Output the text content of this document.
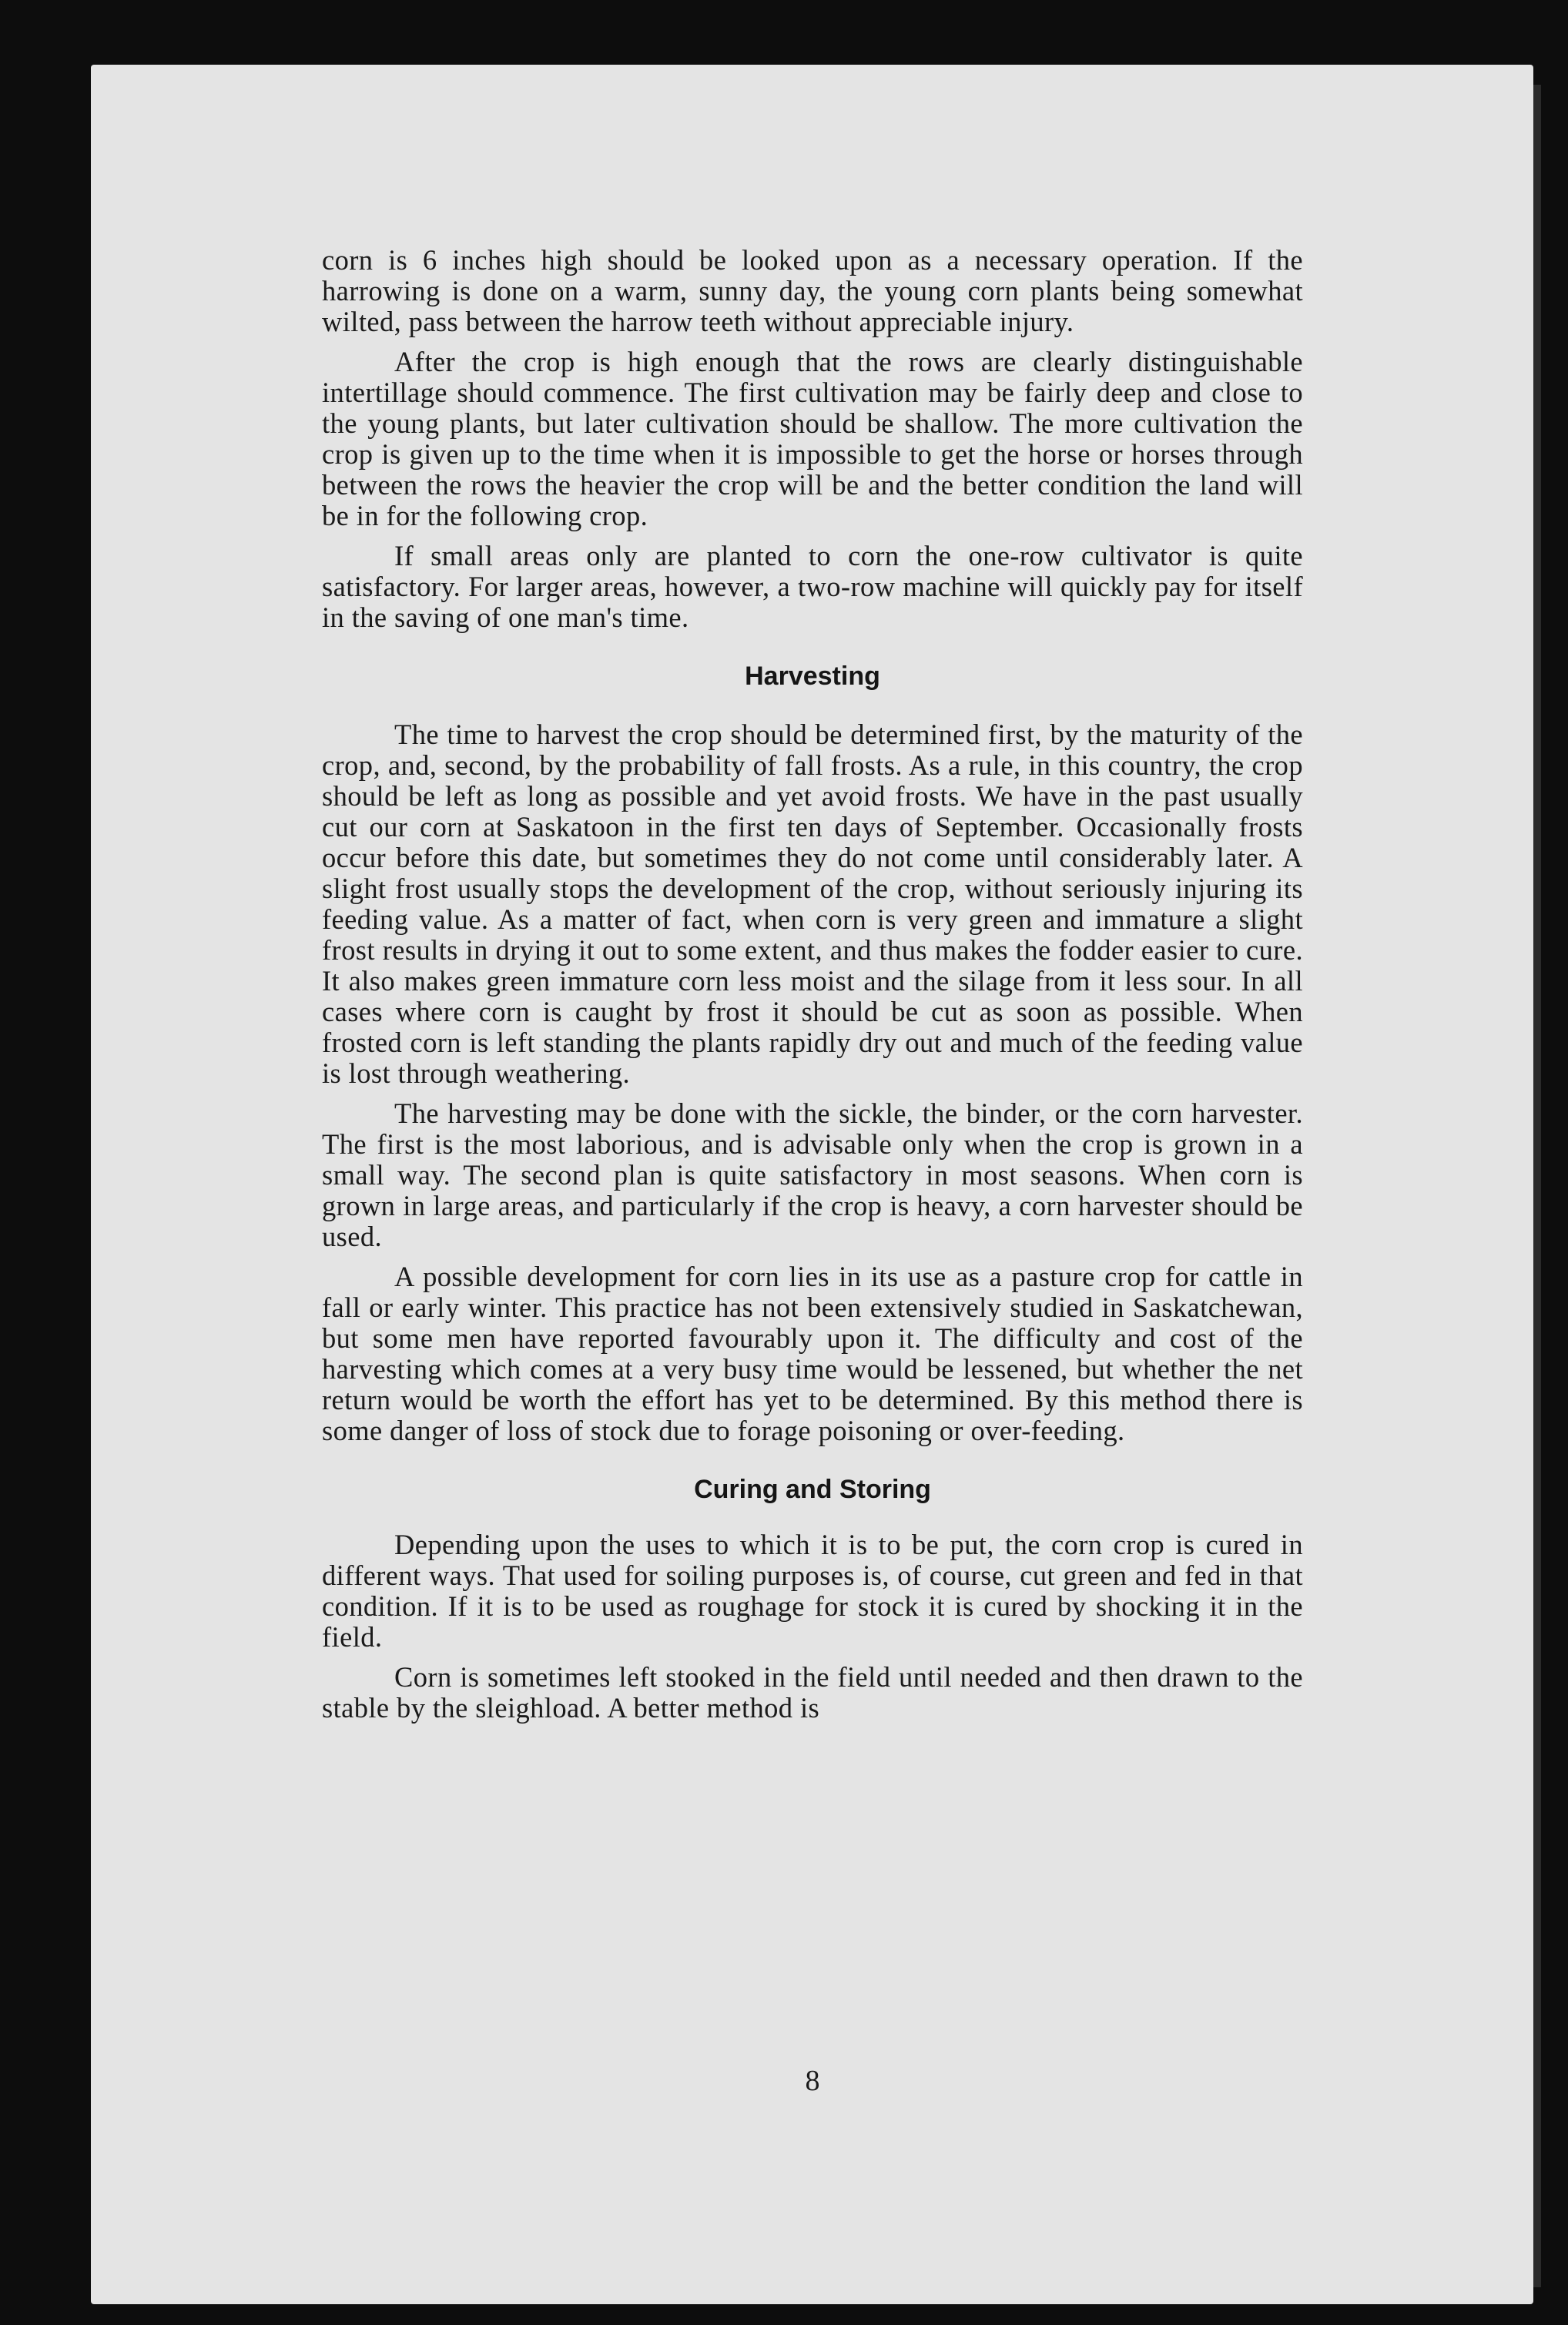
corn is 6 inches high should be looked upon as a necessary operation. If the harrowing is done on a warm, sunny day, the young corn plants being somewhat wilted, pass between the harrow teeth without appreciable injury.

After the crop is high enough that the rows are clearly distinguishable intertillage should commence. The first cultivation may be fairly deep and close to the young plants, but later cultivation should be shallow. The more cultivation the crop is given up to the time when it is impossible to get the horse or horses through between the rows the heavier the crop will be and the better condition the land will be in for the following crop.

If small areas only are planted to corn the one-row cultivator is quite satisfactory. For larger areas, however, a two-row machine will quickly pay for itself in the saving of one man's time.

Harvesting

The time to harvest the crop should be determined first, by the maturity of the crop, and, second, by the probability of fall frosts. As a rule, in this country, the crop should be left as long as possible and yet avoid frosts. We have in the past usually cut our corn at Saskatoon in the first ten days of September. Occasionally frosts occur before this date, but sometimes they do not come until considerably later. A slight frost usually stops the development of the crop, without seriously injuring its feeding value. As a matter of fact, when corn is very green and immature a slight frost results in drying it out to some extent, and thus makes the fodder easier to cure. It also makes green immature corn less moist and the silage from it less sour. In all cases where corn is caught by frost it should be cut as soon as possible. When frosted corn is left standing the plants rapidly dry out and much of the feeding value is lost through weathering.

The harvesting may be done with the sickle, the binder, or the corn harvester. The first is the most laborious, and is advisable only when the crop is grown in a small way. The second plan is quite satisfactory in most seasons. When corn is grown in large areas, and particularly if the crop is heavy, a corn harvester should be used.

A possible development for corn lies in its use as a pasture crop for cattle in fall or early winter. This practice has not been extensively studied in Saskatchewan, but some men have reported favourably upon it. The difficulty and cost of the harvesting which comes at a very busy time would be lessened, but whether the net return would be worth the effort has yet to be determined. By this method there is some danger of loss of stock due to forage poisoning or over-feeding.

Curing and Storing

Depending upon the uses to which it is to be put, the corn crop is cured in different ways. That used for soiling purposes is, of course, cut green and fed in that condition. If it is to be used as roughage for stock it is cured by shocking it in the field.

Corn is sometimes left stooked in the field until needed and then drawn to the stable by the sleighload. A better method is

8
